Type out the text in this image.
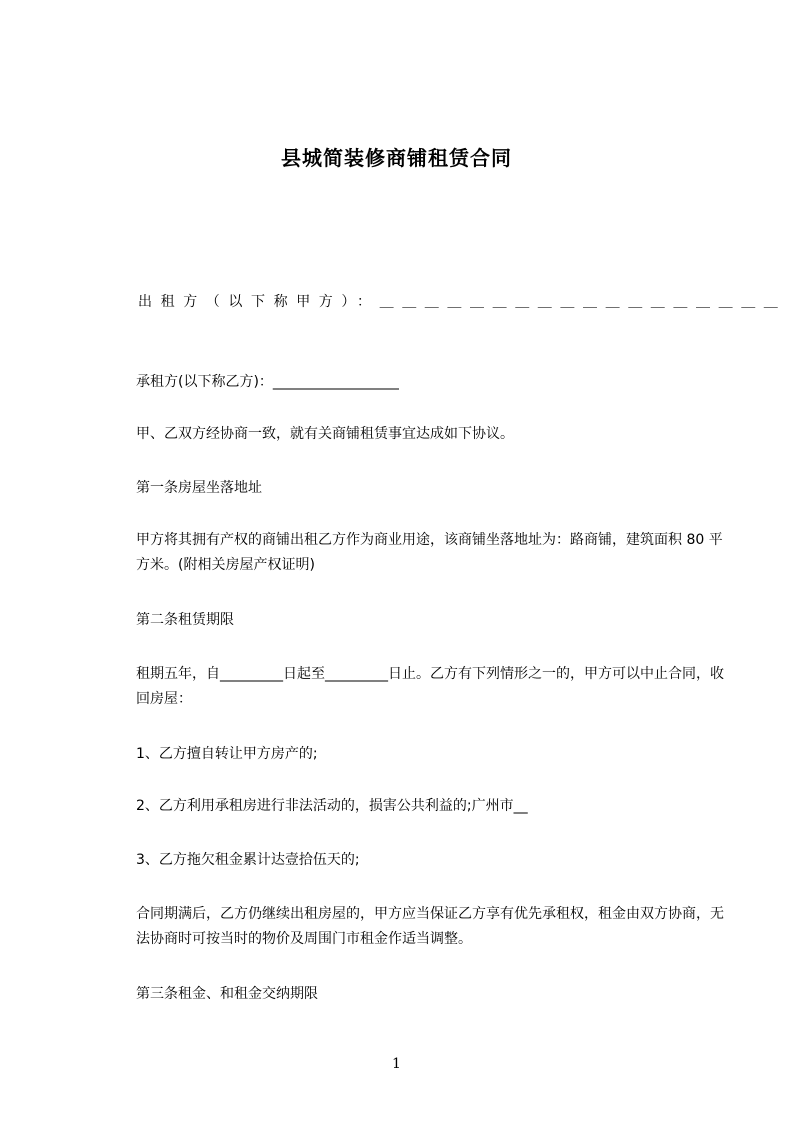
县城简装修商铺租赁合同
出租方（以下称甲方）：＿＿＿＿＿＿＿＿＿＿＿＿＿＿＿＿＿＿
承租方(以下称乙方)：__________________
甲、乙双方经协商一致，就有关商铺租赁事宜达成如下协议。
第一条房屋坐落地址
甲方将其拥有产权的商铺出租乙方作为商业用途，该商铺坐落地址为：路商铺，建筑面积 80 平方米。(附相关房屋产权证明)
第二条租赁期限
租期五年，自_________日起至_________日止。乙方有下列情形之一的，甲方可以中止合同，收回房屋：
1、乙方擅自转让甲方房产的;
2、乙方利用承租房进行非法活动的，损害公共利益的;广州市__
3、乙方拖欠租金累计达壹拾伍天的;
合同期满后，乙方仍继续出租房屋的，甲方应当保证乙方享有优先承租权，租金由双方协商，无法协商时可按当时的物价及周围门市租金作适当调整。
第三条租金、和租金交纳期限
1
